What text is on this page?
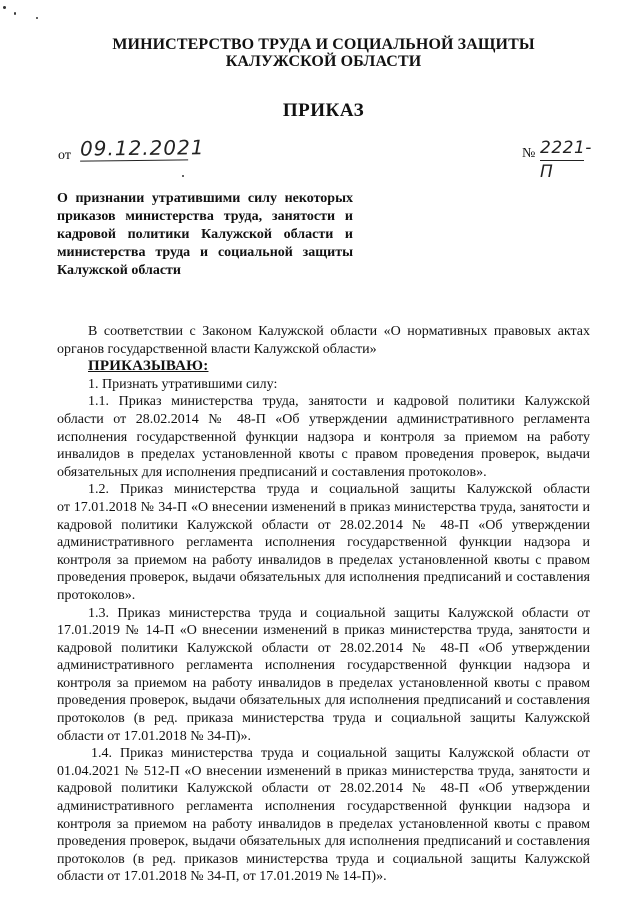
МИНИСТЕРСТВО ТРУДА И СОЦИАЛЬНОЙ ЗАЩИТЫ
КАЛУЖСКОЙ ОБЛАСТИ
ПРИКАЗ
от 09.12.2021	№ 2221-П
О признании утратившими силу некоторых
приказов министерства труда, занятости и
кадровой политики Калужской области и
министерства труда и социальной защиты
Калужской области
В соответствии с Законом Калужской области «О нормативных правовых актах
органов государственной власти Калужской области»
ПРИКАЗЫВАЮ:
1. Признать утратившими силу:
1.1. Приказ министерства труда, занятости и кадровой политики Калужской
области от 28.02.2014 № 48-П «Об утверждении административного регламента
исполнения государственной функции надзора и контроля за приемом на работу
инвалидов в пределах установленной квоты с правом проведения проверок, выдачи
обязательных для исполнения предписаний и составления протоколов».
1.2. Приказ министерства труда и социальной защиты Калужской области
от 17.01.2018 № 34-П «О внесении изменений в приказ министерства труда, занятости и
кадровой политики Калужской области от 28.02.2014 № 48-П «Об утверждении
административного регламента исполнения государственной функции надзора и
контроля за приемом на работу инвалидов в пределах установленной квоты с правом
проведения проверок, выдачи обязательных для исполнения предписаний и составления
протоколов».
1.3. Приказ министерства труда и социальной защиты Калужской области от
17.01.2019 № 14-П «О внесении изменений в приказ министерства труда, занятости и
кадровой политики Калужской области от 28.02.2014 № 48-П «Об утверждении
административного регламента исполнения государственной функции надзора и
контроля за приемом на работу инвалидов в пределах установленной квоты с правом
проведения проверок, выдачи обязательных для исполнения предписаний и составления
протоколов (в ред. приказа министерства труда и социальной защиты Калужской
области от 17.01.2018 № 34-П)».
1.4. Приказ министерства труда и социальной защиты Калужской области от
01.04.2021 № 512-П «О внесении изменений в приказ министерства труда, занятости и
кадровой политики Калужской области от 28.02.2014 № 48-П «Об утверждении
административного регламента исполнения государственной функции надзора и
контроля за приемом на работу инвалидов в пределах установленной квоты с правом
проведения проверок, выдачи обязательных для исполнения предписаний и составления
протоколов (в ред. приказов министерства труда и социальной защиты Калужской
области от 17.01.2018 № 34-П, от 17.01.2019 № 14-П)».
